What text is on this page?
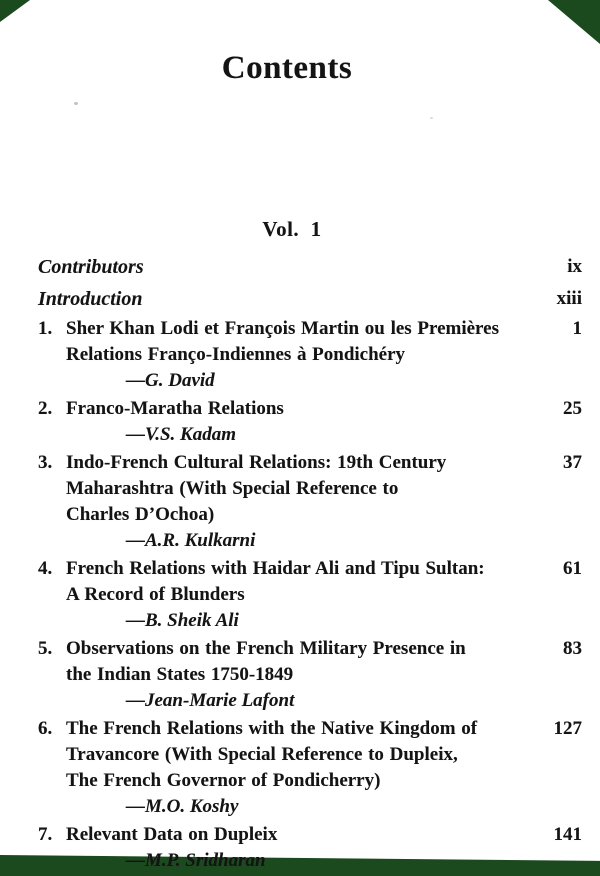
Contents
Vol.  1
Contributors	ix
Introduction	xiii
1. Sher Khan Lodi et François Martin ou les Premières
Relations Franço-Indiennes à Pondichéry
—G. David
1
2. Franco-Maratha Relations
—V.S. Kadam
25
3. Indo-French Cultural Relations: 19th Century
Maharashtra (With Special Reference to
Charles D’Ochoa)
—A.R. Kulkarni
37
4. French Relations with Haidar Ali and Tipu Sultan:
A Record of Blunders
—B. Sheik Ali
61
5. Observations on the French Military Presence in
the Indian States 1750-1849
—Jean-Marie Lafont
83
6. The French Relations with the Native Kingdom of
Travancore (With Special Reference to Dupleix,
The French Governor of Pondicherry)
—M.O. Koshy
127
7. Relevant Data on Dupleix
—M.P. Sridharan
141
